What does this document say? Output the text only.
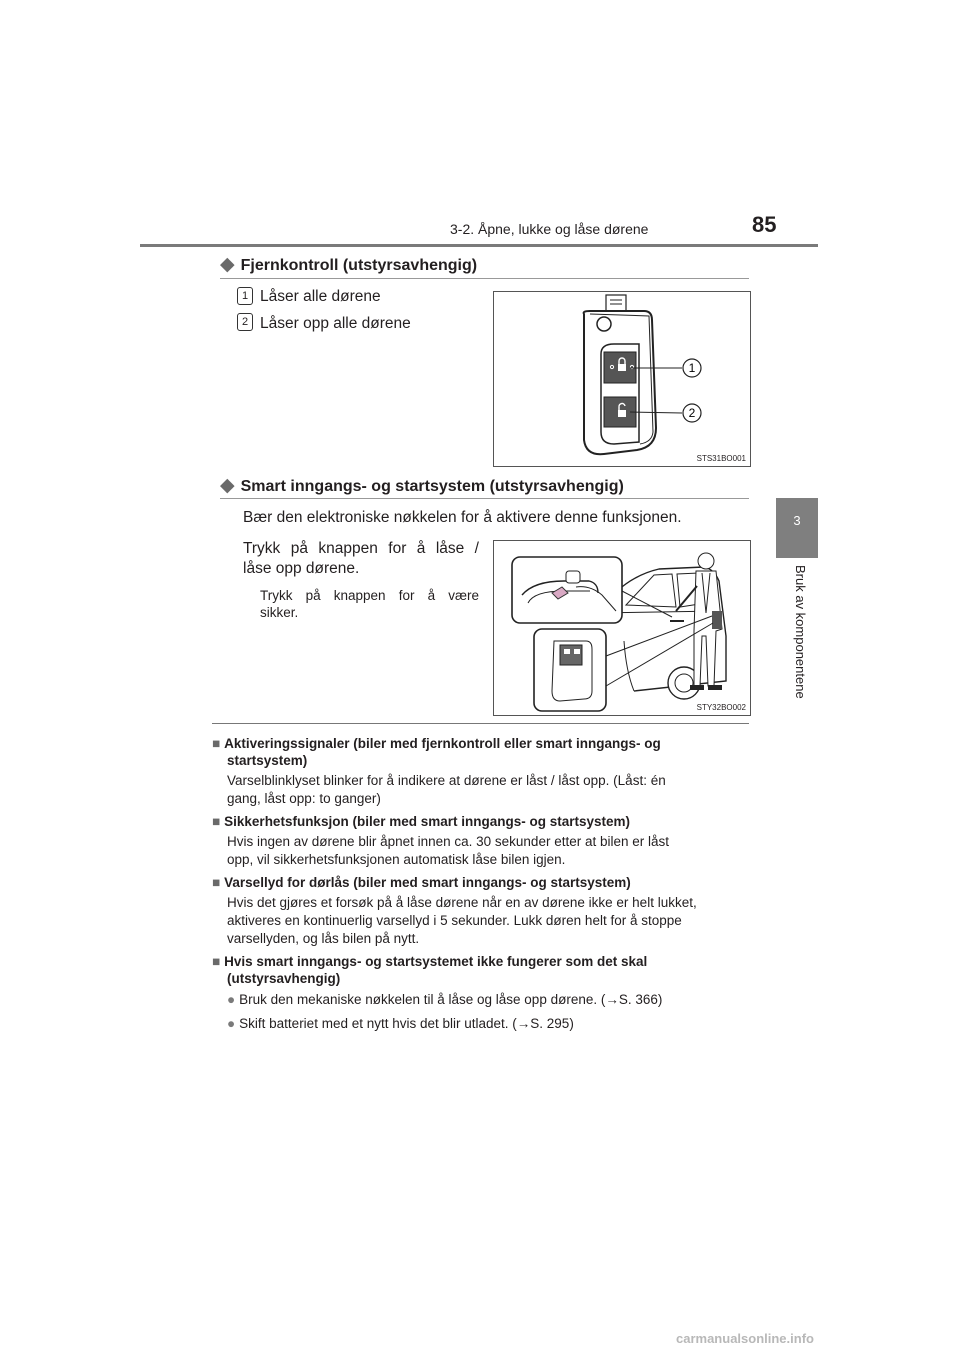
3-2. Åpne, lukke og låse dørene	85
3
Bruk av komponentene
◆ Fjernkontroll (utstyrsavhengig)
1 Låser alle dørene
2 Låser opp alle dørene
1
2
STS31BO001
◆ Smart inngangs- og startsystem (utstyrsavhengig)
Bær den elektroniske nøkkelen for å aktivere denne funksjonen.
Trykk på knappen for å låse /
låse opp dørene.
Trykk på knappen for å være
sikker.
STY32BO002
■ Aktiveringssignaler (biler med fjernkontroll eller smart inngangs- og
startsystem)
Varselblinklyset blinker for å indikere at dørene er låst / låst opp. (Låst: én
gang, låst opp: to ganger)
■ Sikkerhetsfunksjon (biler med smart inngangs- og startsystem)
Hvis ingen av dørene blir åpnet innen ca. 30 sekunder etter at bilen er låst
opp, vil sikkerhetsfunksjonen automatisk låse bilen igjen.
■ Varsellyd for dørlås (biler med smart inngangs- og startsystem)
Hvis det gjøres et forsøk på å låse dørene når en av dørene ikke er helt lukket,
aktiveres en kontinuerlig varsellyd i 5 sekunder. Lukk døren helt for å stoppe
varsellyden, og lås bilen på nytt.
■ Hvis smart inngangs- og startsystemet ikke fungerer som det skal
(utstyrsavhengig)
● Bruk den mekaniske nøkkelen til å låse og låse opp dørene. (→S. 366)
● Skift batteriet med et nytt hvis det blir utladet. (→S. 295)
carmanualsonline.info
